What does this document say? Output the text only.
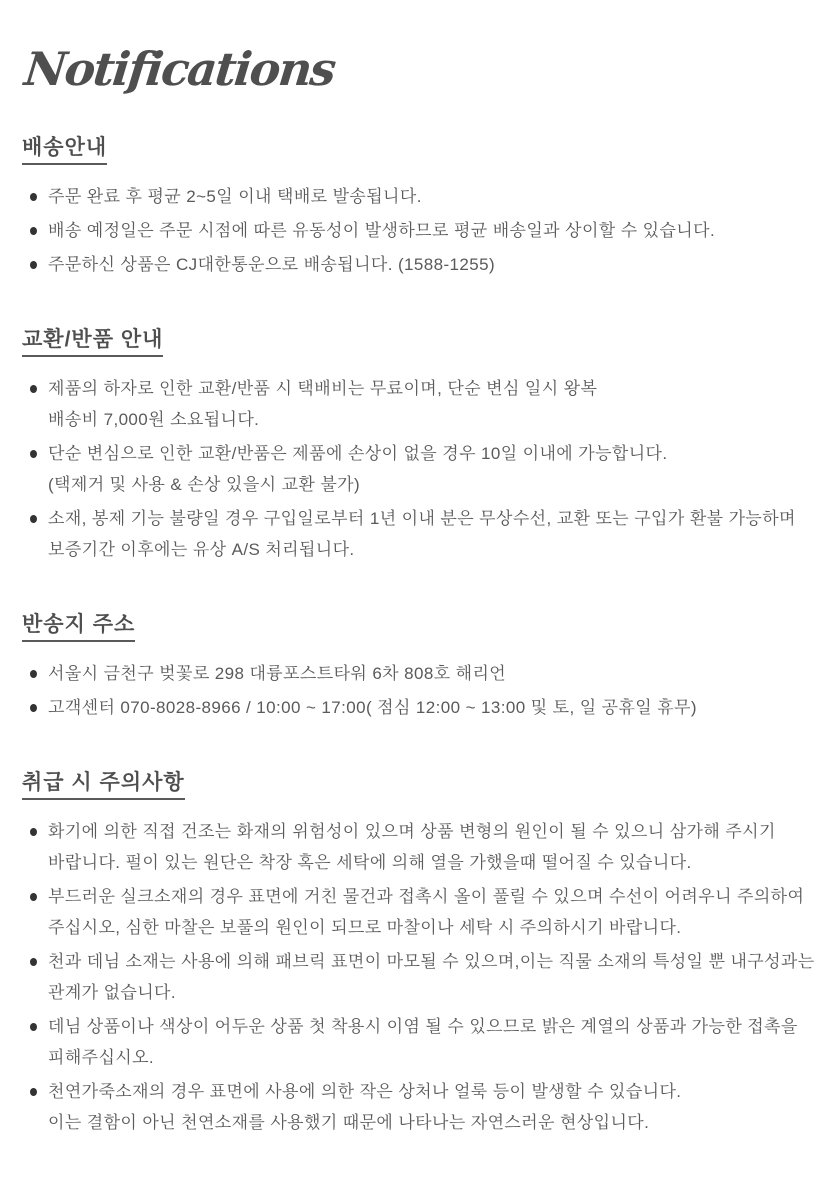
Notifications
배송안내
주문 완료 후 평균 2~5일 이내 택배로 발송됩니다.
배송 예정일은 주문 시점에 따른 유동성이 발생하므로 평균 배송일과 상이할 수 있습니다.
주문하신 상품은 CJ대한통운으로 배송됩니다. (1588-1255)
교환/반품 안내
제품의 하자로 인한 교환/반품 시 택배비는 무료이며, 단순 변심 일시 왕복
배송비 7,000원 소요됩니다.
단순 변심으로 인한 교환/반품은 제품에 손상이 없을 경우 10일 이내에 가능합니다.
(택제거 및 사용 & 손상 있을시 교환 불가)
소재, 봉제 기능 불량일 경우 구입일로부터 1년 이내 분은 무상수선, 교환 또는 구입가 환불 가능하며
보증기간 이후에는 유상 A/S 처리됩니다.
반송지 주소
서울시 금천구 벚꽃로 298 대륭포스트타워 6차 808호 해리언
고객센터 070-8028-8966 / 10:00 ~ 17:00( 점심 12:00 ~ 13:00 및 토, 일 공휴일 휴무)
취급 시 주의사항
화기에 의한 직접 건조는 화재의 위험성이 있으며 상품 변형의 원인이 될 수 있으니 삼가해 주시기
바랍니다. 펄이 있는 원단은 착장 혹은 세탁에 의해 열을 가했을때 떨어질 수 있습니다.
부드러운 실크소재의 경우 표면에 거친 물건과 접촉시 올이 풀릴 수 있으며 수선이 어려우니 주의하여
주십시오, 심한 마찰은 보풀의 원인이 되므로 마찰이나 세탁 시 주의하시기 바랍니다.
천과 데님 소재는 사용에 의해 패브릭 표면이 마모될 수 있으며,이는 직물 소재의 특성일 뿐 내구성과는
관계가 없습니다.
데님 상품이나 색상이 어두운 상품 첫 착용시 이염 될 수 있으므로 밝은 계열의 상품과 가능한 접촉을
피해주십시오.
천연가죽소재의 경우 표면에 사용에 의한 작은 상처나 얼룩 등이 발생할 수 있습니다.
이는 결함이 아닌 천연소재를 사용했기 때문에 나타나는 자연스러운 현상입니다.
